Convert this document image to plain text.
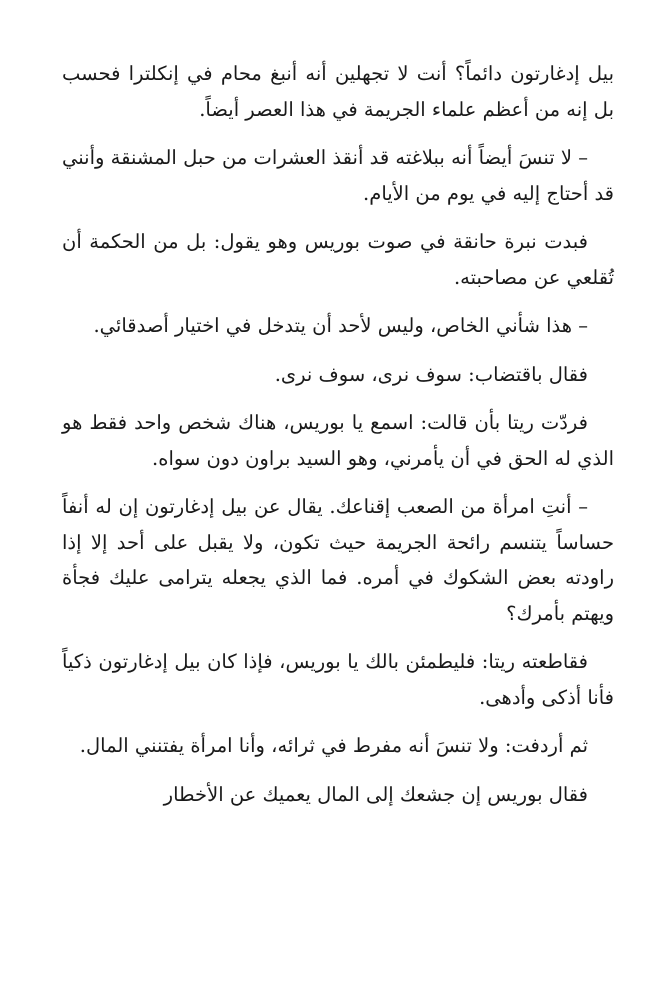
بيل إدغارتون دائماً؟ أنت لا تجهلين أنه أنبغ محام في إنكلترا فحسب بل إنه من أعظم علماء الجريمة في هذا العصر أيضاً.

– لا تنسَ أيضاً أنه ببلاغته قد أنقذ العشرات من حبل المشنقة وأنني قد أحتاج إليه في يوم من الأيام.

فبدت نبرة حانقة في صوت بوريس وهو يقول: بل من الحكمة أن تُقلعي عن مصاحبته.

– هذا شأني الخاص، وليس لأحد أن يتدخل في اختيار أصدقائي.

فقال باقتضاب: سوف نرى، سوف نرى.

فردّت ريتا بأن قالت: اسمع يا بوريس، هناك شخص واحد فقط هو الذي له الحق في أن يأمرني، وهو السيد براون دون سواه.

– أنتِ امرأة من الصعب إقناعك. يقال عن بيل إدغارتون إن له أنفاً حساساً يتنسم رائحة الجريمة حيث تكون، ولا يقبل على أحد إلا إذا راودته بعض الشكوك في أمره. فما الذي يجعله يترامى عليك فجأة ويهتم بأمرك؟

فقاطعته ريتا: فليطمئن بالك يا بوريس، فإذا كان بيل إدغارتون ذكياً فأنا أذكى وأدهى.

ثم أردفت: ولا تنسَ أنه مفرط في ثرائه، وأنا امرأة يفتنني المال.

فقال بوريس إن جشعك إلى المال يعميك عن الأخطار
